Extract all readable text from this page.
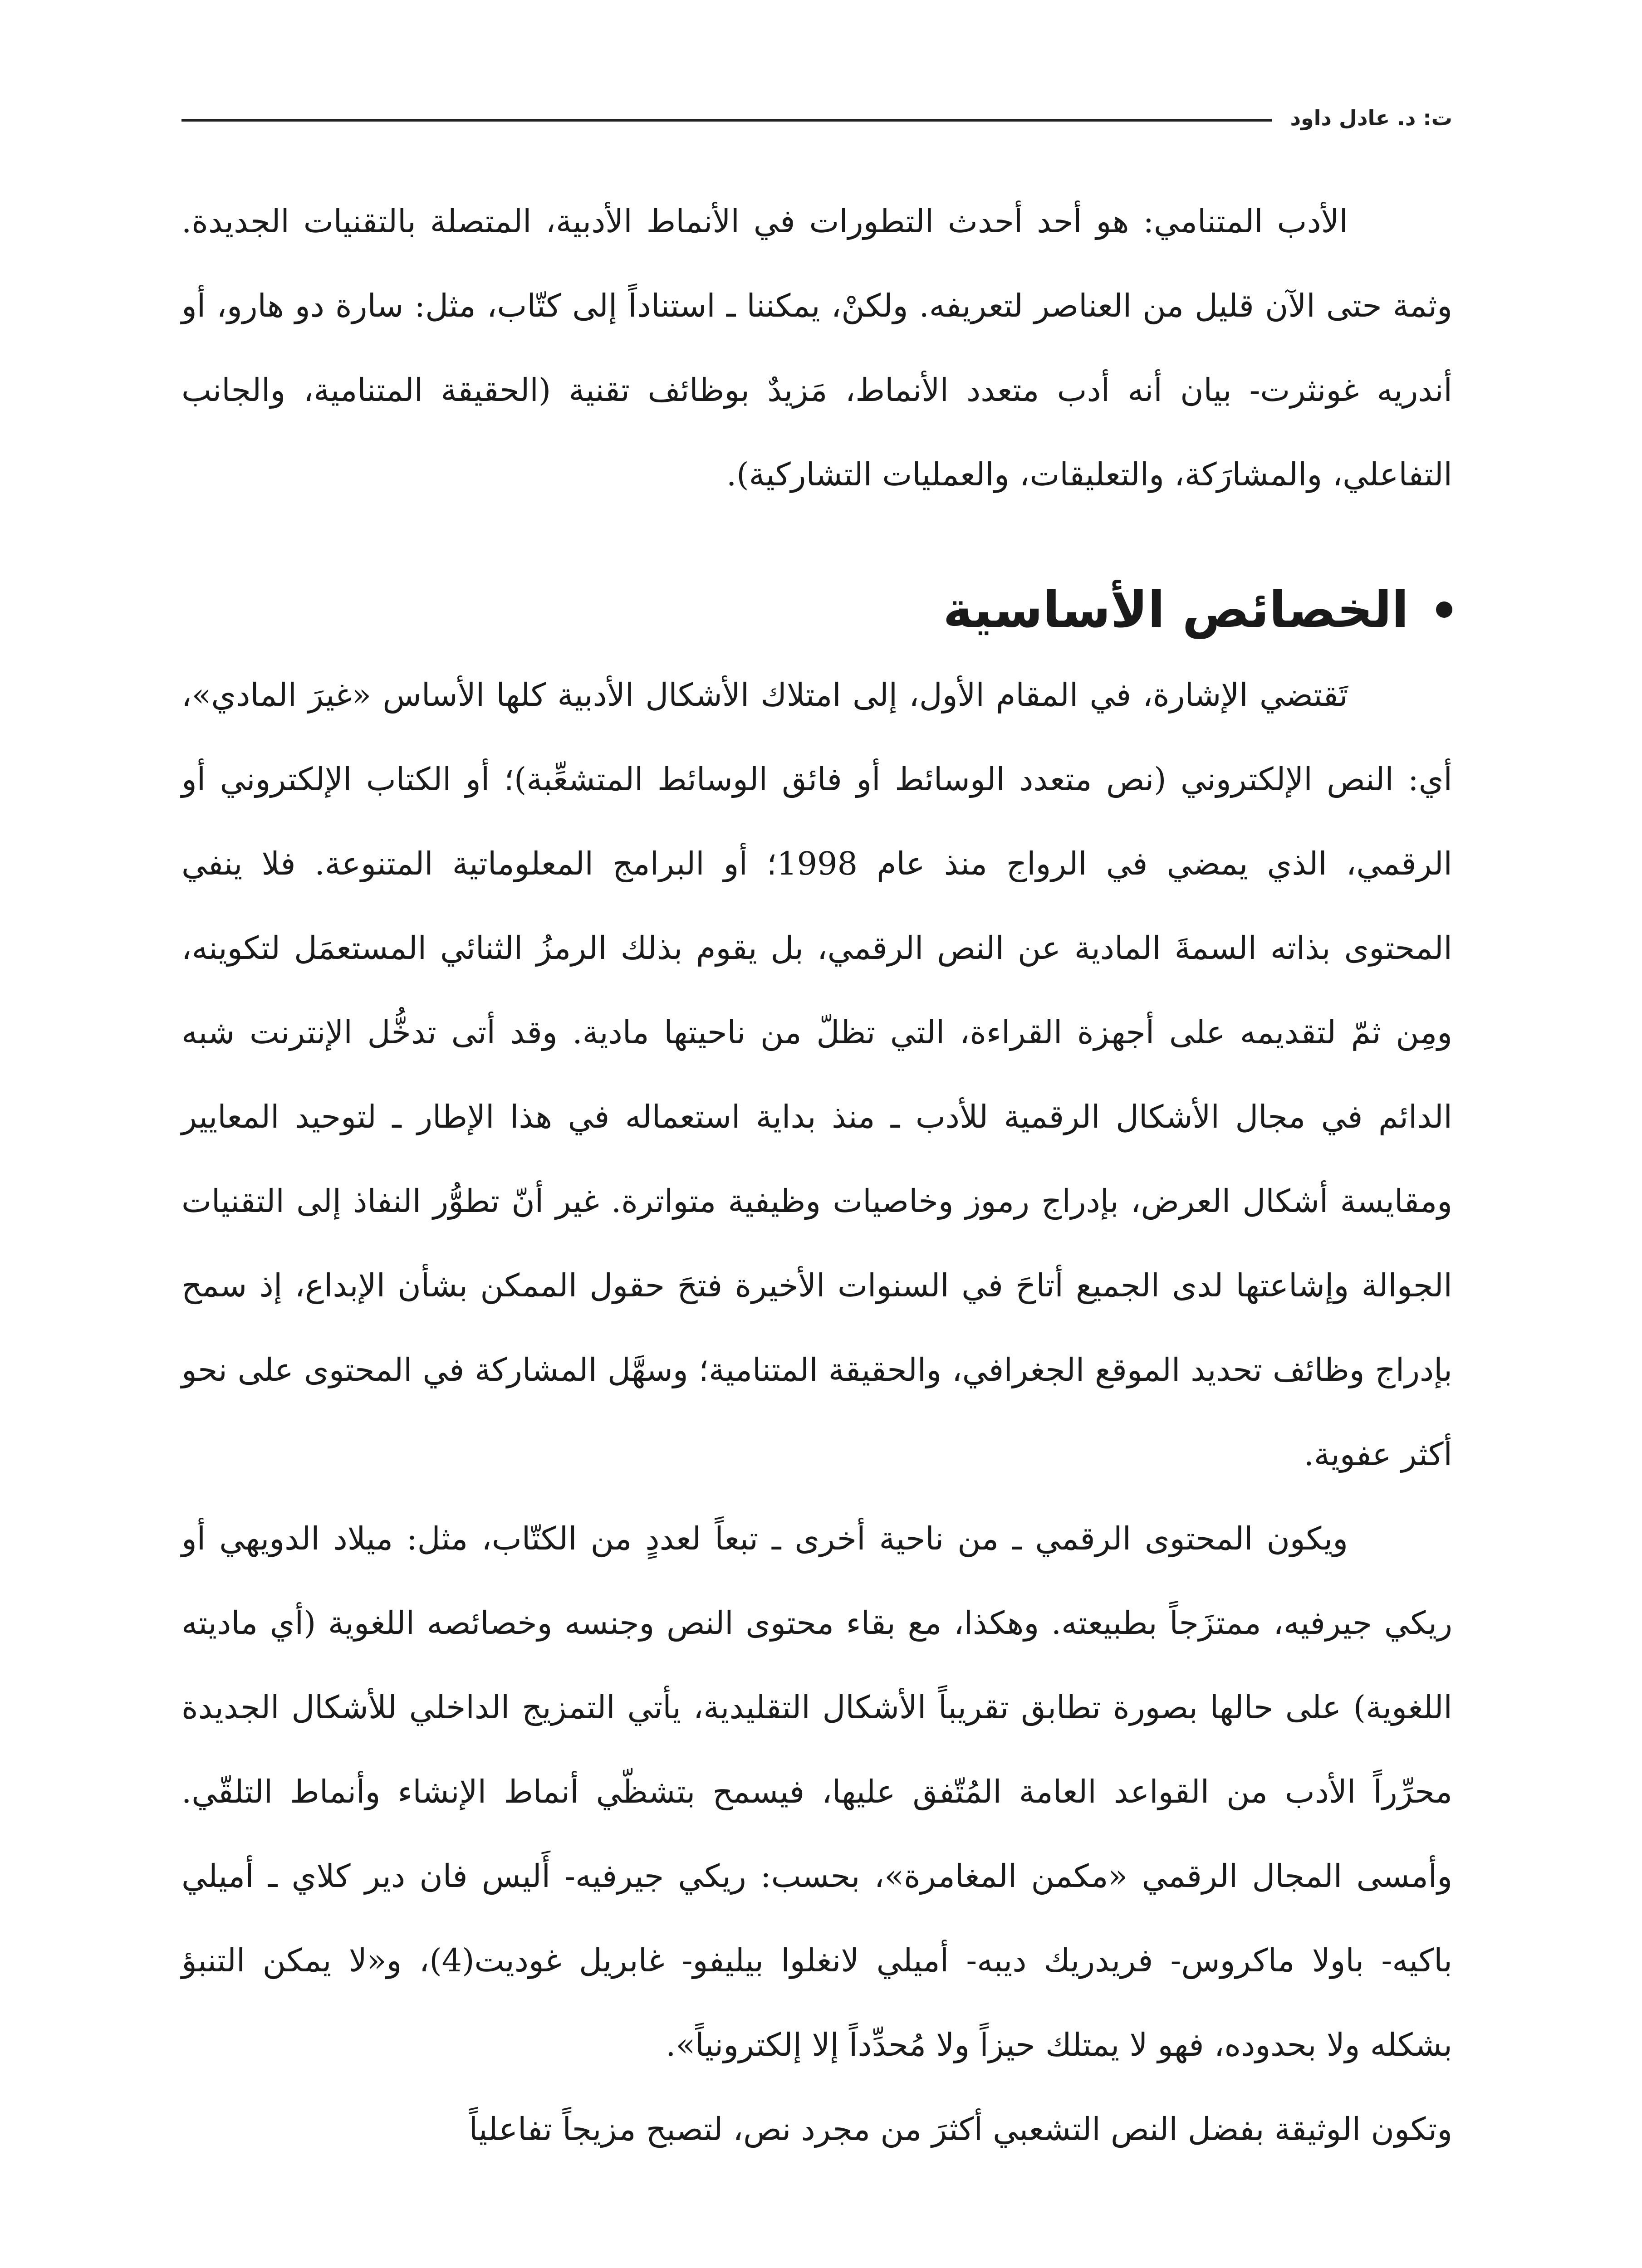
ت: د. عادل داود

الأدب المتنامي: هو أحد أحدث التطورات في الأنماط الأدبية، المتصلة بالتقنيات الجديدة. وثمة حتى الآن قليل من العناصر لتعريفه. ولكنْ، يمكننا ـ استناداً إلى كتّاب، مثل: سارة دو هارو، أو أندريه غونثرت- بيان أنه أدب متعدد الأنماط، مَزيدٌ بوظائف تقنية (الحقيقة المتنامية، والجانب التفاعلي، والمشارَكة، والتعليقات، والعمليات التشاركية).

الخصائص الأساسية

تَقتضي الإشارة، في المقام الأول، إلى امتلاك الأشكال الأدبية كلها الأساس «غيرَ المادي»، أي: النص الإلكتروني (نص متعدد الوسائط أو فائق الوسائط المتشعِّبة)؛ أو الكتاب الإلكتروني أو الرقمي، الذي يمضي في الرواج منذ عام 1998؛ أو البرامج المعلوماتية المتنوعة. فلا ينفي المحتوى بذاته السمةَ المادية عن النص الرقمي، بل يقوم بذلك الرمزُ الثنائي المستعمَل لتكوينه، ومِن ثمّ لتقديمه على أجهزة القراءة، التي تظلّ من ناحيتها مادية. وقد أتى تدخُّل الإنترنت شبه الدائم في مجال الأشكال الرقمية للأدب ـ منذ بداية استعماله في هذا الإطار ـ لتوحيد المعايير ومقايسة أشكال العرض، بإدراج رموز وخاصيات وظيفية متواترة. غير أنّ تطوُّر النفاذ إلى التقنيات الجوالة وإشاعتها لدى الجميع أتاحَ في السنوات الأخيرة فتحَ حقول الممكن بشأن الإبداع، إذ سمح بإدراج وظائف تحديد الموقع الجغرافي، والحقيقة المتنامية؛ وسهَّل المشاركة في المحتوى على نحو أكثر عفوية.

ويكون المحتوى الرقمي ـ من ناحية أخرى ـ تبعاً لعددٍ من الكتّاب، مثل: ميلاد الدويهي أو ريكي جيرفيه، ممتزَجاً بطبيعته. وهكذا، مع بقاء محتوى النص وجنسه وخصائصه اللغوية (أي ماديته اللغوية) على حالها بصورة تطابق تقريباً الأشكال التقليدية، يأتي التمزيج الداخلي للأشكال الجديدة محرِّراً الأدب من القواعد العامة المُتّفق عليها، فيسمح بتشظّي أنماط الإنشاء وأنماط التلقّي. وأمسى المجال الرقمي «مكمن المغامرة»، بحسب: ريكي جيرفيه- أَليس فان دير كلاي ـ أميلي باكيه- باولا ماكروس- فريدريك ديبه- أميلي لانغلوا بيليفو- غابريل غوديت(4)، و«لا يمكن التنبؤ بشكله ولا بحدوده، فهو لا يمتلك حيزاً ولا مُحدِّداً إلا إلكترونياً».

وتكون الوثيقة بفضل النص التشعبي أكثرَ من مجرد نص، لتصبح مزيجاً تفاعلياً
